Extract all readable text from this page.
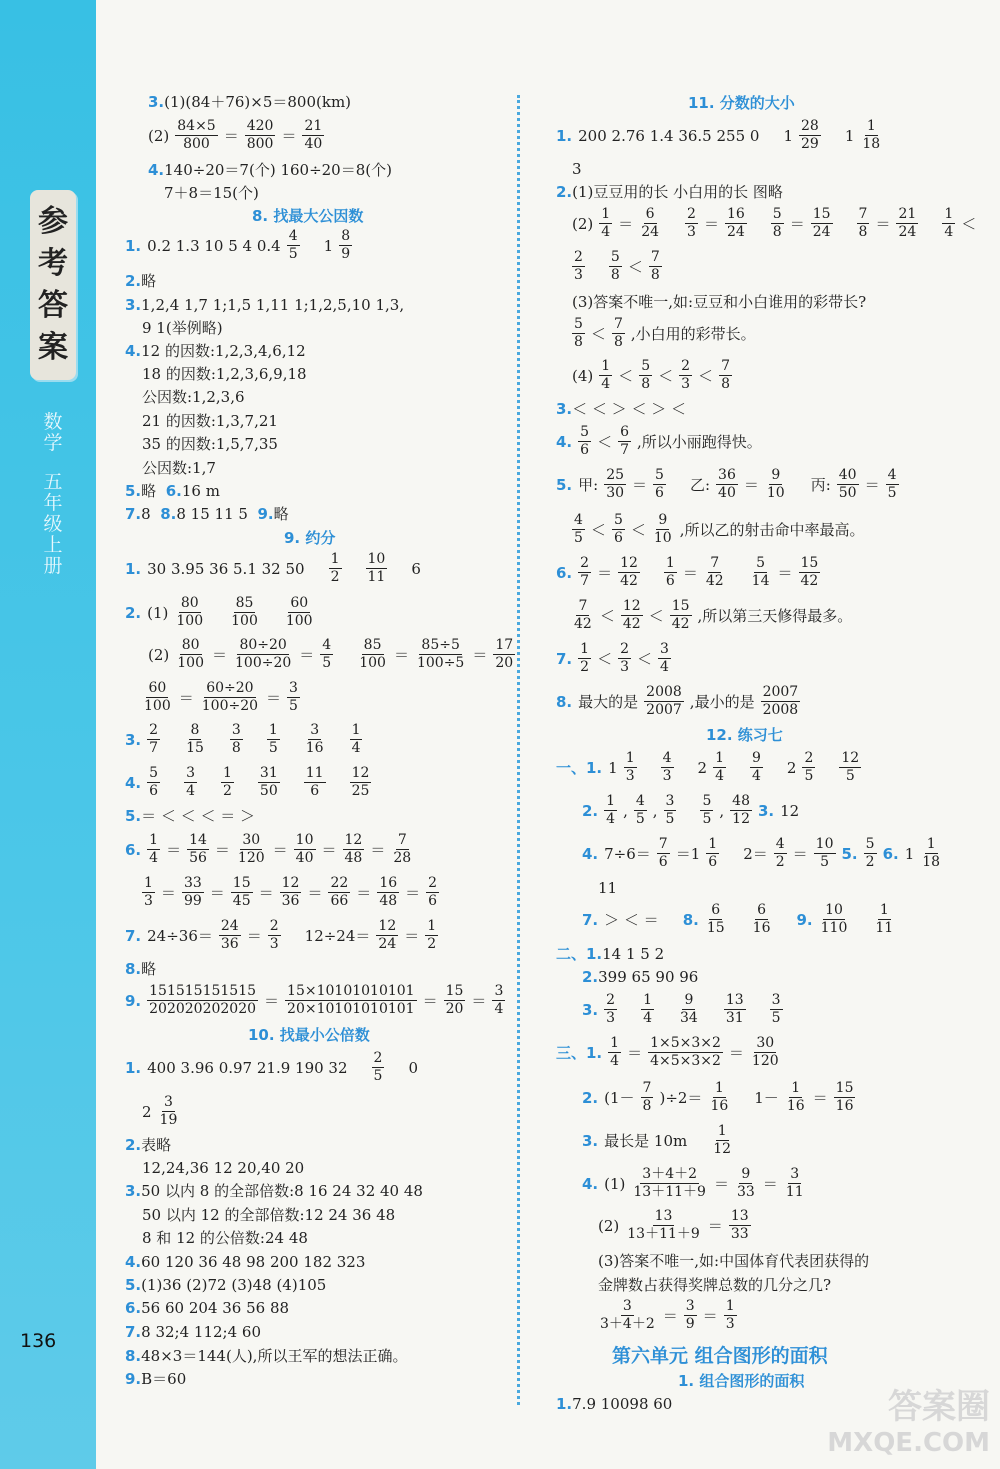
参
考
答
案
数学
五年级上册
136
3.(1)(84＋76)×5＝800(km)
(2)
84×5
800 ＝
420
800 ＝
21
40
4.140÷20＝7(个) 160÷20＝8(个)
7＋8＝15(个)
8. 找最大公因数
1. 0.2 1.3 10 5 4 0.4
4
5 1
8
9
2.略
3.1,2,4 1,7 1;1,5 1,11 1;1,2,5,10 1,3,
9 1(举例略)
4.12 的因数:1,2,3,4,6,12
18 的因数:1,2,3,6,9,18
公因数:1,2,3,6
21 的因数:1,3,7,21
35 的因数:1,5,7,35
公因数:1,7
5.略 6.16 m
7.8 8.8 15 11 5 9.略
9. 约分
1. 30 3.95 36 5.1 32 50
1
2
10
11 6
2. (1)
80
100
85
100
60
100
(2)
80
100 ＝
80÷20
100÷20 ＝
4
5
85
100 ＝
85÷5
100÷5 ＝
17
20
60
100 ＝
60÷20
100÷20 ＝
3
5
3.
2
7
8
15
3
8
1
5
3
16
1
4
4.
5
6
3
4
1
2
31
50
11
6
12
25
5.＝ ＜ ＜ ＜ ＝ ＞
6.
1
4 ＝
14
56 ＝
30
120 ＝
10
40 ＝
12
48 ＝
7
28
1
3 ＝
33
99 ＝
15
45 ＝
12
36 ＝
22
66 ＝
16
48 ＝
2
6
7. 24÷36＝
24
36 ＝
2
3 12÷24＝
12
24 ＝
1
2
8.略
9.
151515151515
202020202020 ＝
15×10101010101
20×10101010101 ＝
15
20 ＝
3
4
10. 找最小公倍数
1. 400 3.96 0.97 21.9 190 32
2
5 0
2
3
19
2.表略
12,24,36 12 20,40 20
3.50 以内 8 的全部倍数:8 16 24 32 40 48
50 以内 12 的全部倍数:12 24 36 48
8 和 12 的公倍数:24 48
4.60 120 36 48 98 200 182 323
5.(1)36 (2)72 (3)48 (4)105
6.56 60 204 36 56 88
7.8 32;4 112;4 60
8.48×3＝144(人),所以王军的想法正确。
9.B＝60
11. 分数的大小
1. 200 2.76 1.4 36.5 255 0 1
28
29 1
1
18
3
2.(1)豆豆用的长 小白用的长 图略
(2)
1
4 ＝
6
24
2
3 ＝
16
24
5
8 ＝
15
24
7
8 ＝
21
24
1
4 ＜
2
3
5
8 ＜
7
8
(3)答案不唯一,如:豆豆和小白谁用的彩带长?
5
8 ＜
7
8 ,小白用的彩带长。
(4)
1
4 ＜
5
8 ＜
2
3 ＜
7
8
3.＜ ＜ ＞ ＜ ＞ ＜
4.
5
6 ＜
6
7 ,所以小丽跑得快。
5. 甲:
25
30 ＝
5
6 乙:
36
40 ＝
9
10 丙:
40
50 ＝
4
5
4
5 ＜
5
6 ＜
9
10 ,所以乙的射击命中率最高。
6.
2
7 ＝
12
42
1
6 ＝
7
42
5
14 ＝
15
42
7
42 ＜
12
42 ＜
15
42 ,所以第三天修得最多。
7.
1
2 ＜
2
3 ＜
3
4
8. 最大的是
2008
2007 ,最小的是
2007
2008
12. 练习七
一、1. 1
1
3
4
3 2
1
4
9
4 2
2
5
12
5
2.
1
4 ,
4
5 ,
3
5
5
5 ,
48
12 3. 12
4. 7÷6＝
7
6 ＝1
1
6 2＝
4
2 ＝
10
5 5.
5
2 6. 1
1
18
11
7. ＞ ＜ ＝ 8.
6
15
6
16 9.
10
110
1
11
二、1.14 1 5 2
2.399 65 90 96
3.
2
3
1
4
9
34
13
31
3
5
三、1.
1
4 ＝
1×5×3×2
4×5×3×2 ＝
30
120
2. (1－
7
8 )÷2＝
1
16 1－
1
16 ＝
15
16
3. 最长是 10m
1
12
4. (1)
3＋4＋2
13＋11＋9 ＝
9
33 ＝
3
11
(2)
13
13＋11＋9 ＝
13
33
(3)答案不唯一,如:中国体育代表团获得的
金牌数占获得奖牌总数的几分之几?
3
3＋4＋2 ＝
3
9 ＝
1
3
第六单元 组合图形的面积
1. 组合图形的面积
1.7.9 10098 60	答案圈
MXQE.COM
